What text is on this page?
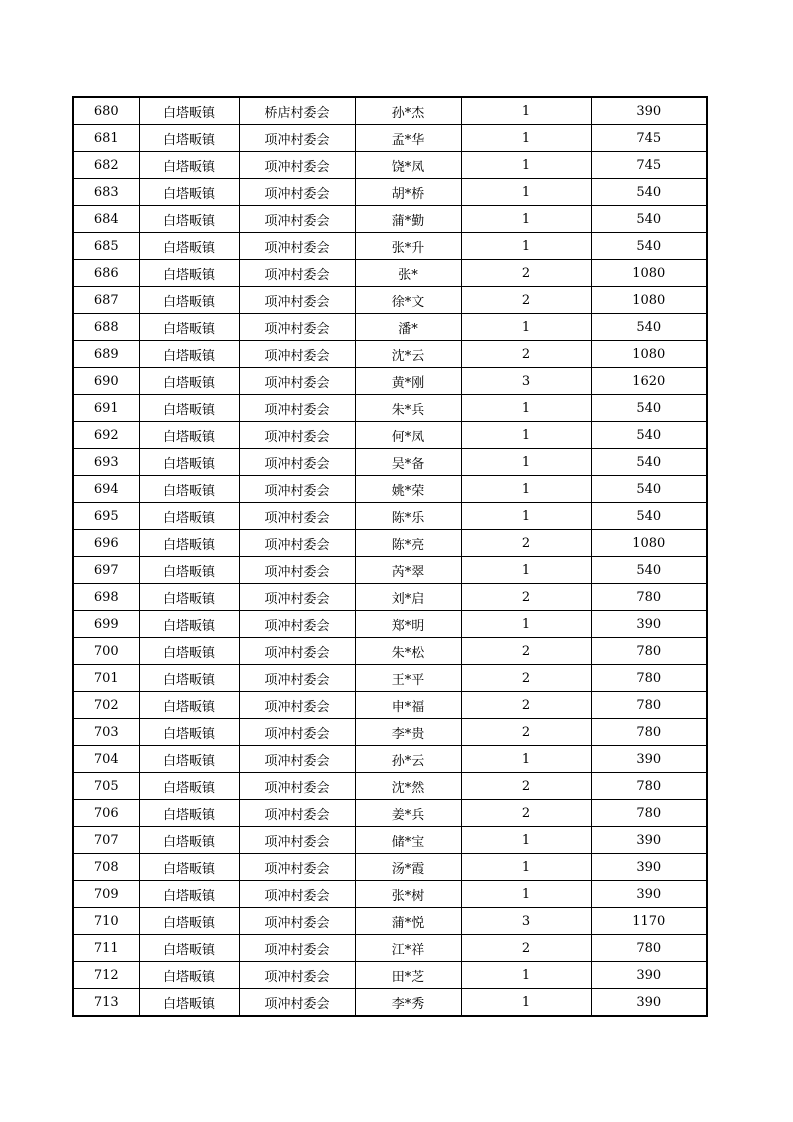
680	白塔畈镇	桥店村委会	孙*杰	1	390
681	白塔畈镇	项冲村委会	孟*华	1	745
682	白塔畈镇	项冲村委会	饶*凤	1	745
683	白塔畈镇	项冲村委会	胡*桥	1	540
684	白塔畈镇	项冲村委会	蒲*勤	1	540
685	白塔畈镇	项冲村委会	张*升	1	540
686	白塔畈镇	项冲村委会	张*	2	1080
687	白塔畈镇	项冲村委会	徐*文	2	1080
688	白塔畈镇	项冲村委会	潘*	1	540
689	白塔畈镇	项冲村委会	沈*云	2	1080
690	白塔畈镇	项冲村委会	黄*刚	3	1620
691	白塔畈镇	项冲村委会	朱*兵	1	540
692	白塔畈镇	项冲村委会	何*凤	1	540
693	白塔畈镇	项冲村委会	吴*备	1	540
694	白塔畈镇	项冲村委会	姚*荣	1	540
695	白塔畈镇	项冲村委会	陈*乐	1	540
696	白塔畈镇	项冲村委会	陈*亮	2	1080
697	白塔畈镇	项冲村委会	芮*翠	1	540
698	白塔畈镇	项冲村委会	刘*启	2	780
699	白塔畈镇	项冲村委会	郑*明	1	390
700	白塔畈镇	项冲村委会	朱*松	2	780
701	白塔畈镇	项冲村委会	王*平	2	780
702	白塔畈镇	项冲村委会	申*福	2	780
703	白塔畈镇	项冲村委会	李*贵	2	780
704	白塔畈镇	项冲村委会	孙*云	1	390
705	白塔畈镇	项冲村委会	沈*然	2	780
706	白塔畈镇	项冲村委会	姜*兵	2	780
707	白塔畈镇	项冲村委会	储*宝	1	390
708	白塔畈镇	项冲村委会	汤*霞	1	390
709	白塔畈镇	项冲村委会	张*树	1	390
710	白塔畈镇	项冲村委会	蒲*悦	3	1170
711	白塔畈镇	项冲村委会	江*祥	2	780
712	白塔畈镇	项冲村委会	田*芝	1	390
713	白塔畈镇	项冲村委会	李*秀	1	390
